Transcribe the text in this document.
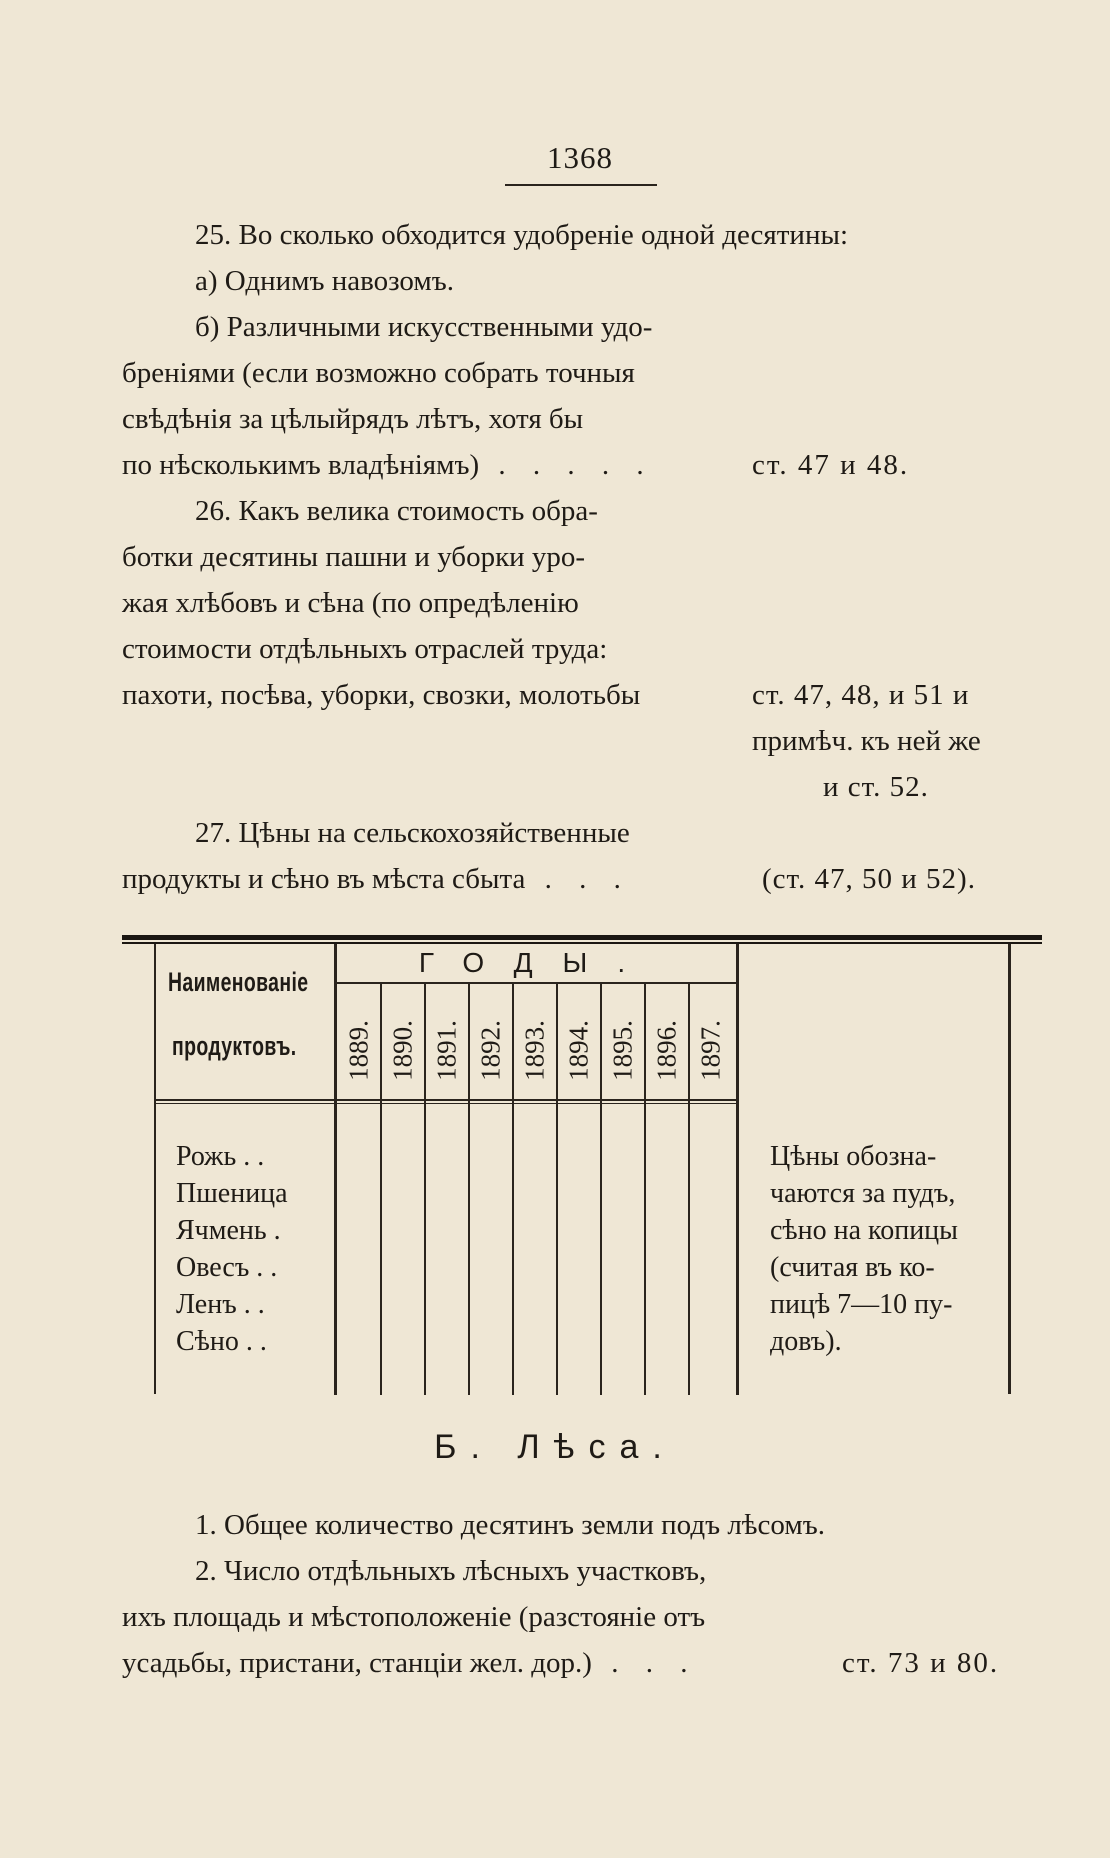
1368
25. Во сколько обходится удобреніе одной десятины:
а) Однимъ навозомъ.
б) Различными искусственными удо-
бреніями (если возможно собрать точныя
свѣдѣнія за цѣлыйрядъ лѣтъ, хотя бы
по нѣсколькимъ владѣніямъ) . . . . .	ст. 47 и 48.
26. Какъ велика стоимость обра-
ботки десятины пашни и уборки уро-
жая хлѣбовъ и сѣна (по опредѣленію
стоимости отдѣльныхъ отраслей труда:
пахоти, посѣва, уборки, свозки, молотьбы	ст. 47, 48, и 51 и
примѣч. къ ней же
и ст. 52.
27. Цѣны на сельскохозяйственные
продукты и сѣно въ мѣста сбыта . . .	(ст. 47, 50 и 52).
Наименованіе
продуктовъ.
ГОДЫ.
1889. 1890. 1891. 1892. 1893. 1894. 1895. 1896. 1897.
Рожь . .
Пшеница
Ячмень .
Овесъ . .
Ленъ . .
Сѣно . .
Цѣны обозна-
чаются за пудъ,
сѣно на копицы
(считая въ ко-
пицѣ 7—10 пу-
довъ).
Б. Лѣса.
1. Общее количество десятинъ земли подъ лѣсомъ.
2. Число отдѣльныхъ лѣсныхъ участковъ,
ихъ площадь и мѣстоположеніе (разстояніе отъ
усадьбы, пристани, станціи жел. дор.) . . .	ст. 73 и 80.
